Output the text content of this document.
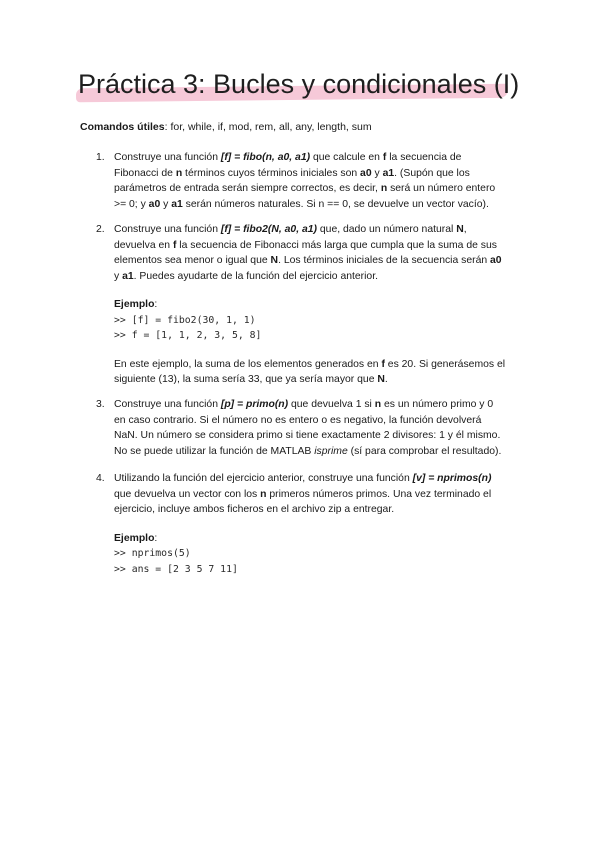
Práctica 3: Bucles y condicionales (I)
Comandos útiles: for, while, if, mod, rem, all, any, length, sum
1. Construye una función [f] = fibo(n, a0, a1) que calcule en f la secuencia de
Fibonacci de n términos cuyos términos iniciales son a0 y a1. (Supón que los
parámetros de entrada serán siempre correctos, es decir, n será un número entero
>= 0; y a0 y a1 serán números naturales. Si n == 0, se devuelve un vector vacío).
2. Construye una función [f] = fibo2(N, a0, a1) que, dado un número natural N,
devuelva en f la secuencia de Fibonacci más larga que cumpla que la suma de sus
elementos sea menor o igual que N. Los términos iniciales de la secuencia serán a0
y a1. Puedes ayudarte de la función del ejercicio anterior.
Ejemplo:
>> [f] = fibo2(30, 1, 1)
>> f = [1, 1, 2, 3, 5, 8]
En este ejemplo, la suma de los elementos generados en f es 20. Si generásemos el
siguiente (13), la suma sería 33, que ya sería mayor que N.
3. Construye una función [p] = primo(n) que devuelva 1 si n es un número primo y 0
en caso contrario. Si el número no es entero o es negativo, la función devolverá
NaN. Un número se considera primo si tiene exactamente 2 divisores: 1 y él mismo.
No se puede utilizar la función de MATLAB isprime (sí para comprobar el resultado).
4. Utilizando la función del ejercicio anterior, construye una función [v] = nprimos(n)
que devuelva un vector con los n primeros números primos. Una vez terminado el
ejercicio, incluye ambos ficheros en el archivo zip a entregar.
Ejemplo:
>> nprimos(5)
>> ans = [2 3 5 7 11]
